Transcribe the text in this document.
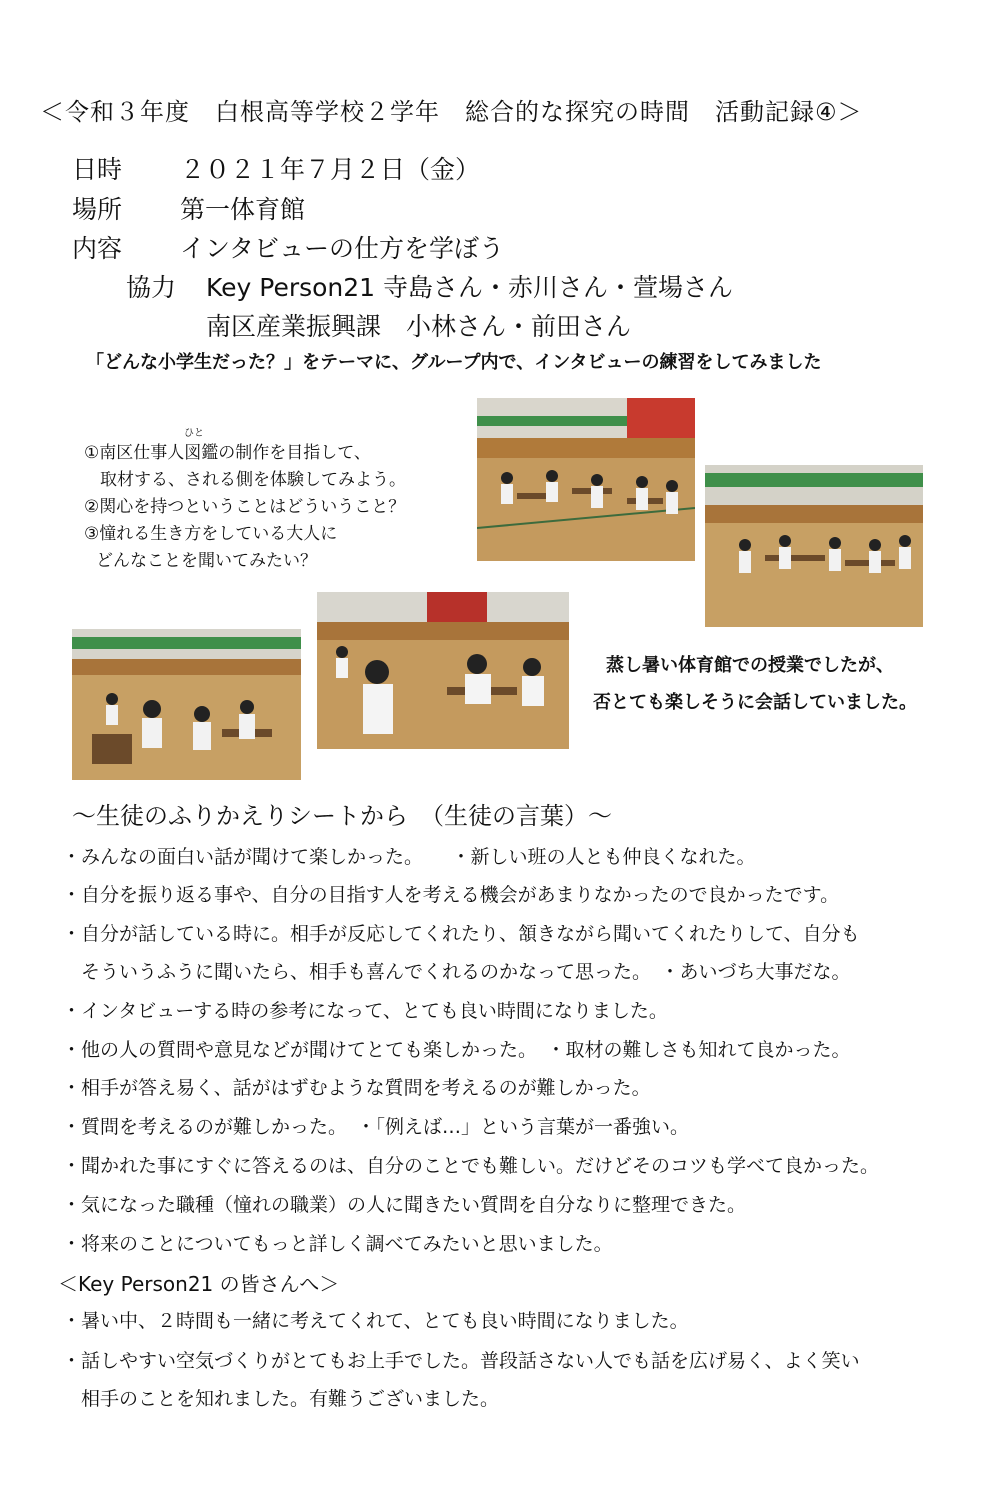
＜令和３年度　白根高等学校２学年　総合的な探究の時間　活動記録④＞
日時 ２０２１年７月２日（金）
場所 第一体育館
内容 インタビューの仕方を学ぼう
協力 Key Person21 寺島さん・赤川さん・萱場さん
南区産業振興課　小林さん・前田さん
「どんな小学生だった？」をテーマに、グループ内で、インタビューの練習をしてみました
ひと
①南区仕事人図鑑の制作を目指して、
取材する、される側を体験してみよう。
②関心を持つということはどういうこと？
③憧れる生き方をしている大人に
どんなことを聞いてみたい？
蒸し暑い体育館での授業でしたが、
否とても楽しそうに会話していました。
～生徒のふりかえりシートから　（生徒の言葉）～
・みんなの面白い話が聞けて楽しかった。　　・新しい班の人とも仲良くなれた。
・自分を振り返る事や、自分の目指す人を考える機会があまりなかったので良かったです。
・自分が話している時に。相手が反応してくれたり、頷きながら聞いてくれたりして、自分も
　そういうふうに聞いたら、相手も喜んでくれるのかなって思った。　・あいづち大事だな。
・インタビューする時の参考になって、とても良い時間になりました。
・他の人の質問や意見などが聞けてとても楽しかった。　・取材の難しさも知れて良かった。
・相手が答え易く、話がはずむような質問を考えるのが難しかった。
・質問を考えるのが難しかった。　・「例えば…」という言葉が一番強い。
・聞かれた事にすぐに答えるのは、自分のことでも難しい。だけどそのコツも学べて良かった。
・気になった職種（憧れの職業）の人に聞きたい質問を自分なりに整理できた。
・将来のことについてもっと詳しく調べてみたいと思いました。
＜Key Person21 の皆さんへ＞
・暑い中、２時間も一緒に考えてくれて、とても良い時間になりました。
・話しやすい空気づくりがとてもお上手でした。普段話さない人でも話を広げ易く、よく笑い
　相手のことを知れました。有難うございました。
